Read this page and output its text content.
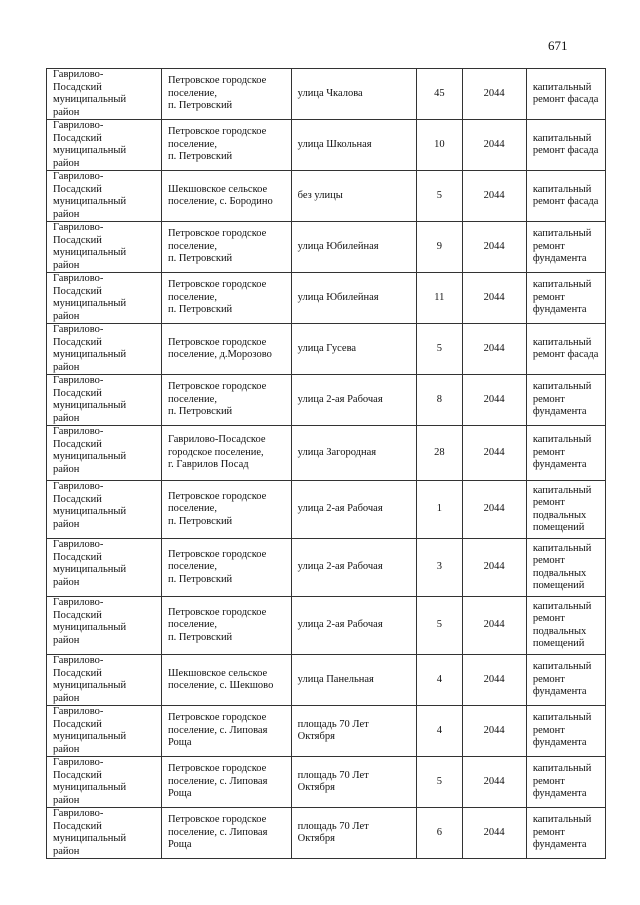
671
Гаврилово-
Посадский
муниципальный
район	Петровское городское
поселение,
п. Петровский	улица Чкалова	45	2044	капитальный
ремонт фасада

Гаврилово-
Посадский
муниципальный
район	Петровское городское
поселение,
п. Петровский	улица Школьная	10	2044	капитальный
ремонт фасада

Гаврилово-
Посадский
муниципальный
район	Шекшовское сельское
поселение, с. Бородино	без улицы	5	2044	капитальный
ремонт фасада

Гаврилово-
Посадский
муниципальный
район	Петровское городское
поселение,
п. Петровский	улица Юбилейная	9	2044	капитальный
ремонт
фундамента

Гаврилово-
Посадский
муниципальный
район	Петровское городское
поселение,
п. Петровский	улица Юбилейная	11	2044	капитальный
ремонт
фундамента

Гаврилово-
Посадский
муниципальный
район	Петровское городское
поселение, д.Морозово	улица Гусева	5	2044	капитальный
ремонт фасада

Гаврилово-
Посадский
муниципальный
район	Петровское городское
поселение,
п. Петровский	улица 2-ая Рабочая	8	2044	капитальный
ремонт
фундамента

Гаврилово-
Посадский
муниципальный
район	Гаврилово-Посадское
городское поселение,
г. Гаврилов Посад	улица Загородная	28	2044	капитальный
ремонт
фундамента

Гаврилово-
Посадский
муниципальный
район	Петровское городское
поселение,
п. Петровский	улица 2-ая Рабочая	1	2044	капитальный
ремонт
подвальных
помещений

Гаврилово-
Посадский
муниципальный
район	Петровское городское
поселение,
п. Петровский	улица 2-ая Рабочая	3	2044	капитальный
ремонт
подвальных
помещений

Гаврилово-
Посадский
муниципальный
район	Петровское городское
поселение,
п. Петровский	улица 2-ая Рабочая	5	2044	капитальный
ремонт
подвальных
помещений

Гаврилово-
Посадский
муниципальный
район	Шекшовское сельское
поселение, с. Шекшово	улица Панельная	4	2044	капитальный
ремонт
фундамента

Гаврилово-
Посадский
муниципальный
район	Петровское городское
поселение, с. Липовая
Роща	площадь 70 Лет
Октября	4	2044	капитальный
ремонт
фундамента

Гаврилово-
Посадский
муниципальный
район	Петровское городское
поселение, с. Липовая
Роща	площадь 70 Лет
Октября	5	2044	капитальный
ремонт
фундамента

Гаврилово-
Посадский
муниципальный
район	Петровское городское
поселение, с. Липовая
Роща	площадь 70 Лет
Октября	6	2044	капитальный
ремонт
фундамента
